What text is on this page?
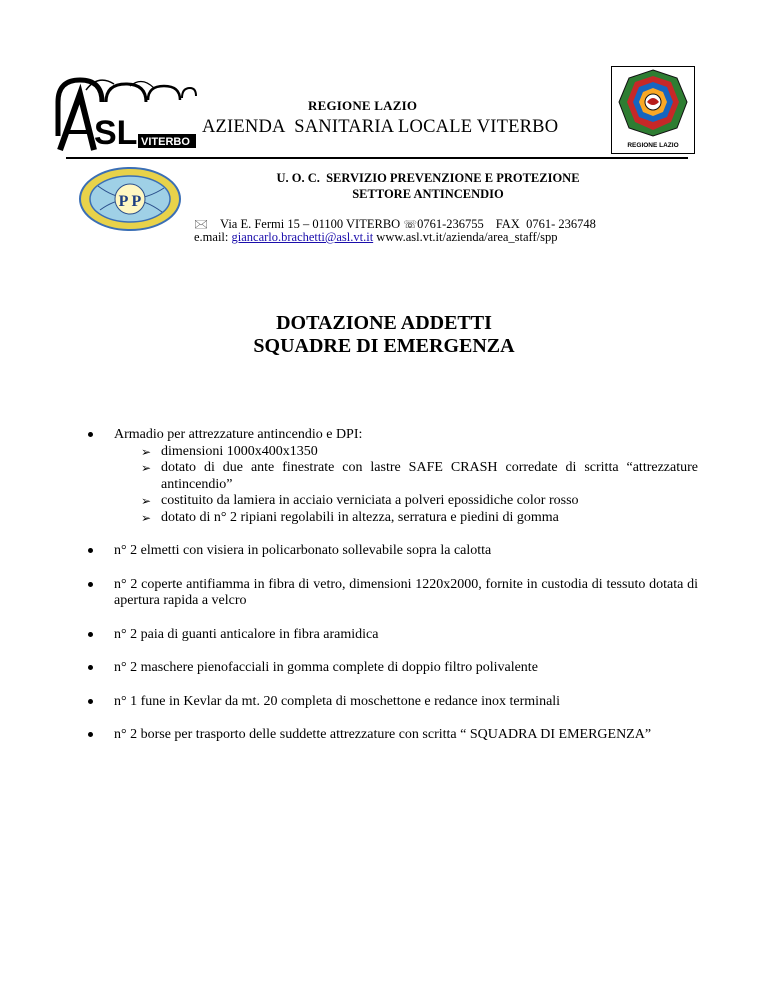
SL VITERBO
REGIONE LAZIO
AZIENDA  SANITARIA LOCALE VITERBO
REGIONE LAZIO
P P
U. O. C.  SERVIZIO PREVENZIONE E PROTEZIONE
SETTORE ANTINCENDIO
🖂 Via E. Fermi 15 – 01100 VITERBO ☏0761-236755 FAX  0761- 236748
e.mail: giancarlo.brachetti@asl.vt.it www.asl.vt.it/azienda/area_staff/spp
DOTAZIONE ADDETTI
SQUADRE DI EMERGENZA
Armadio per attrezzature antincendio e DPI:
➢ dimensioni 1000x400x1350
➢ dotato di due ante finestrate con lastre SAFE CRASH corredate di scritta “attrezzature antincendio”
➢ costituito da lamiera in acciaio verniciata a polveri epossidiche color rosso
➢ dotato di n° 2 ripiani regolabili in altezza, serratura e piedini di gomma
n° 2 elmetti con visiera in policarbonato sollevabile sopra la calotta
n° 2 coperte antifiamma in fibra di vetro, dimensioni 1220x2000, fornite in custodia di tessuto dotata di apertura rapida a velcro
n° 2 paia di guanti anticalore in fibra aramidica
n° 2 maschere pienofacciali in gomma complete di doppio filtro polivalente
n° 1 fune in Kevlar da mt. 20 completa di moschettone e redance inox terminali
n° 2 borse per trasporto delle suddette attrezzature con scritta “ SQUADRA DI EMERGENZA”
